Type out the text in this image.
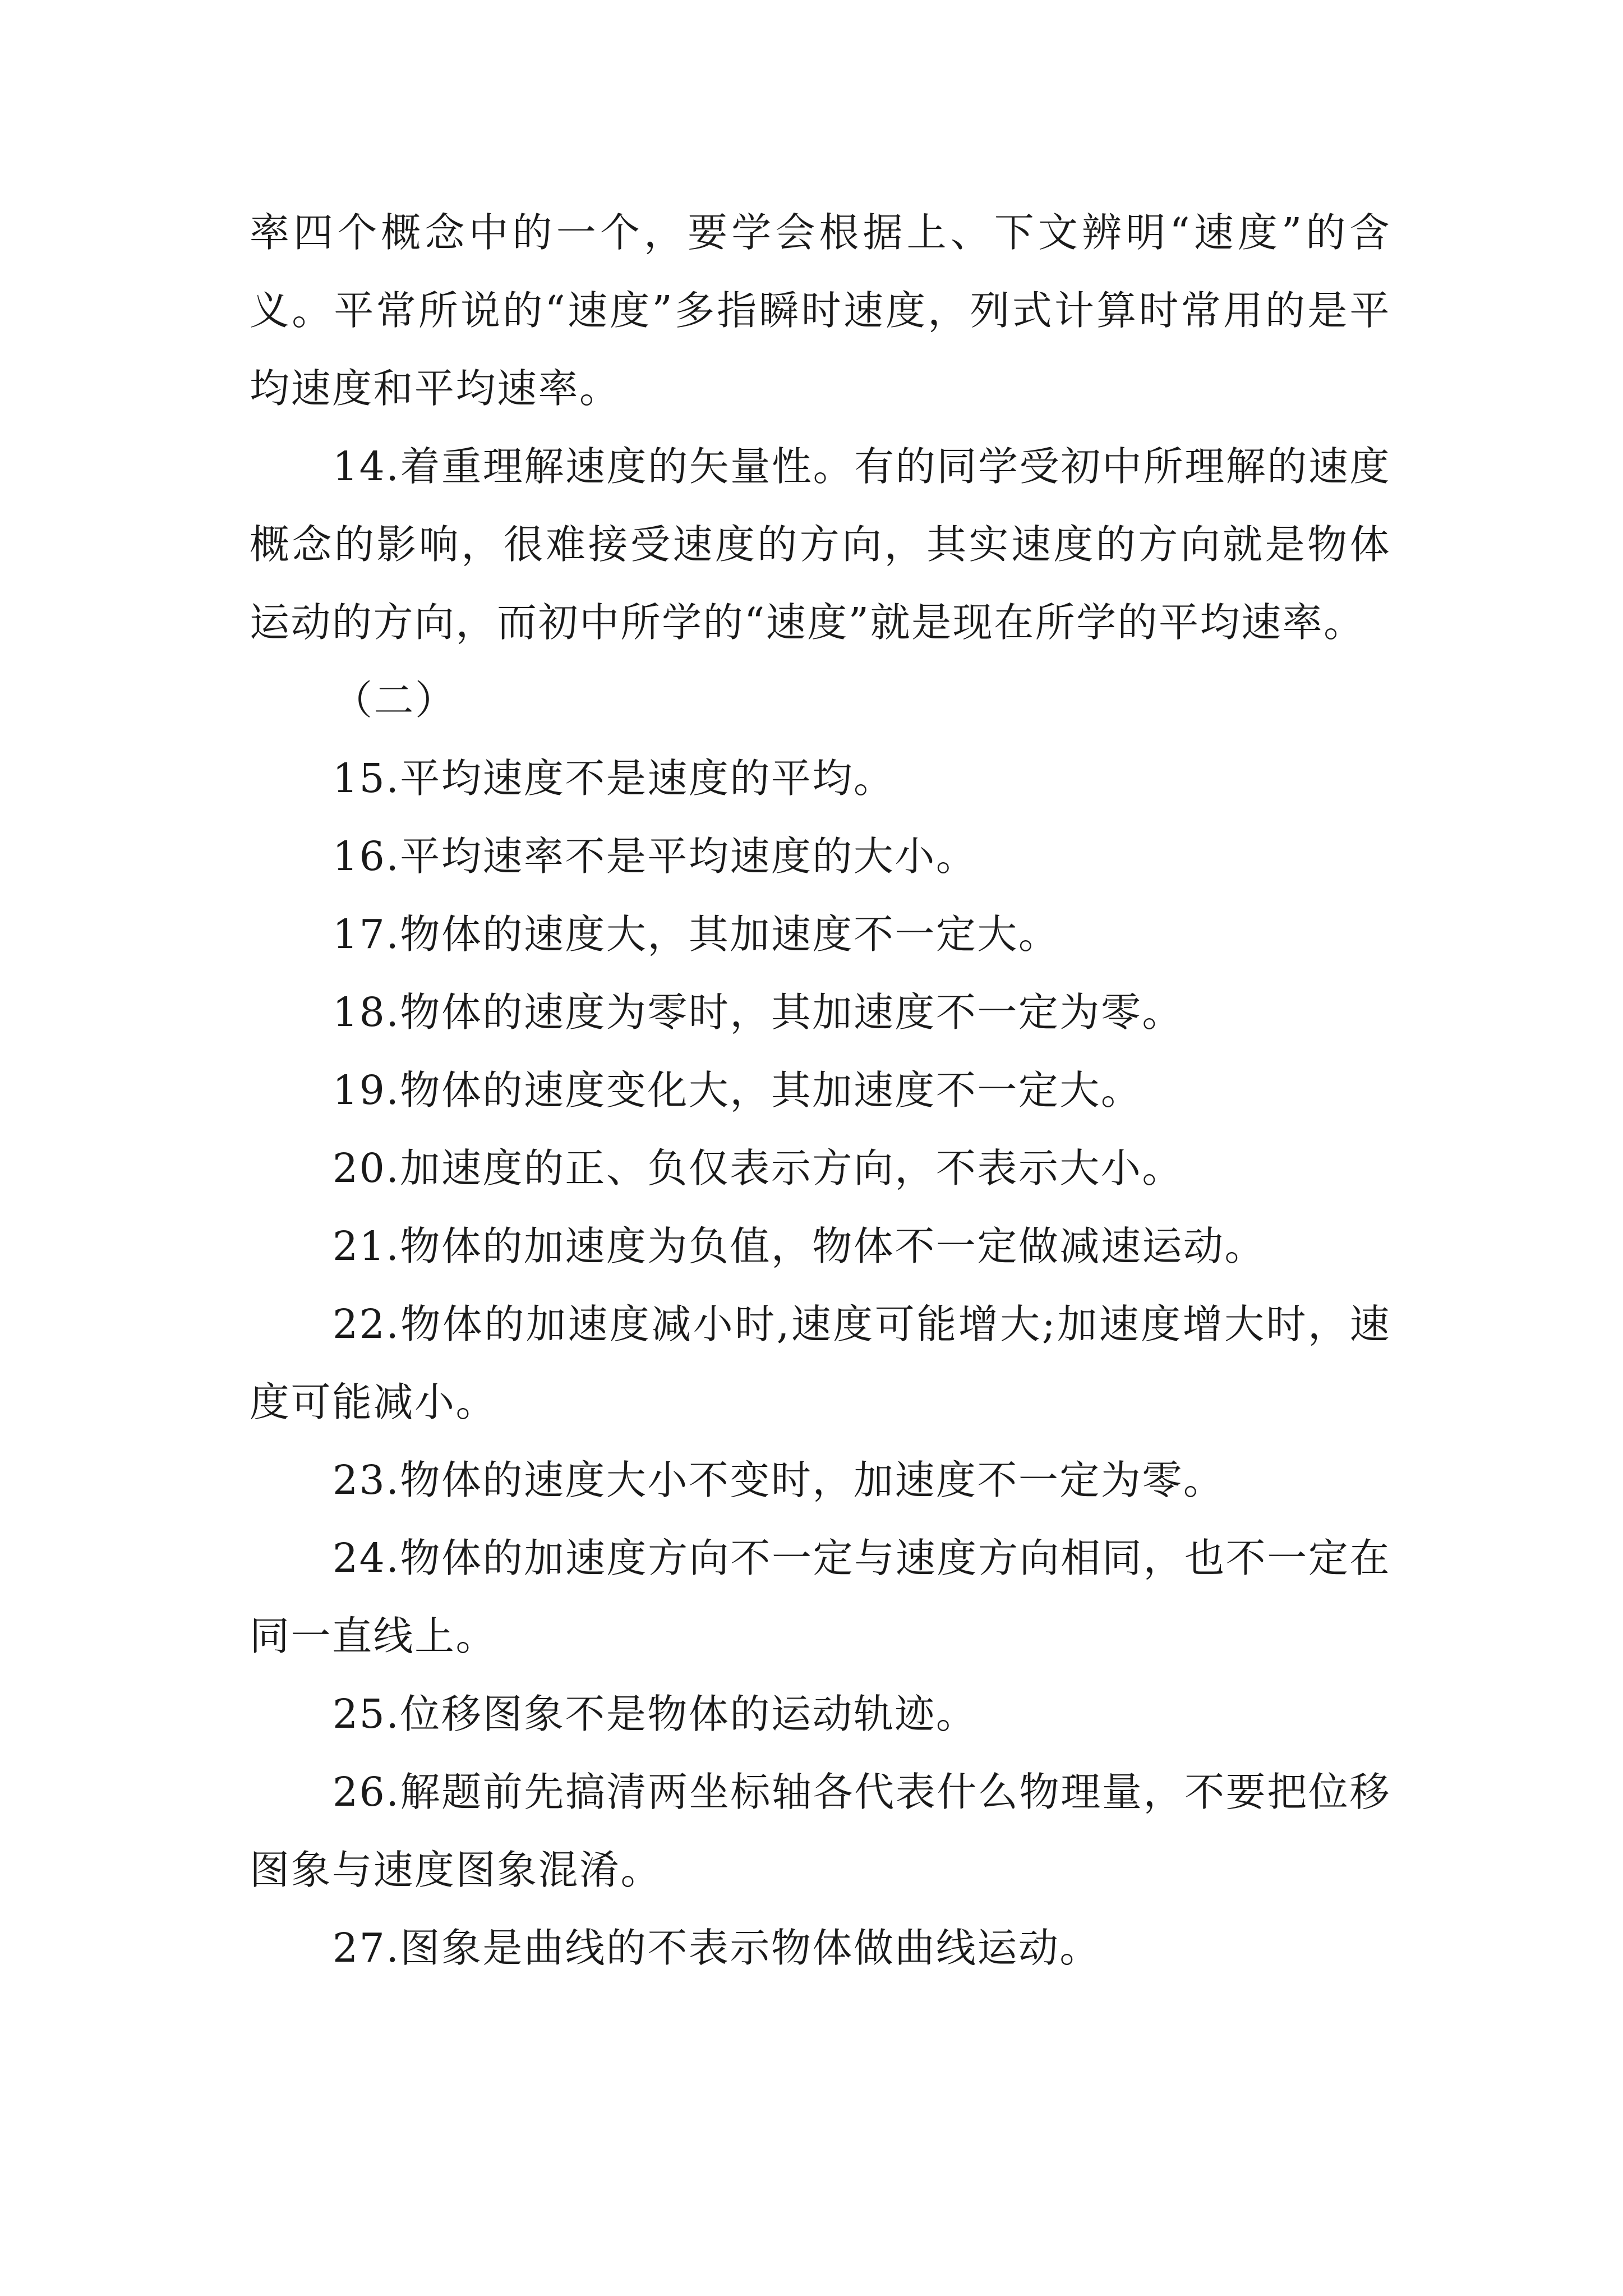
率四个概念中的一个，要学会根据上、下文辨明“速度”的含义。平常所说的“速度”多指瞬时速度，列式计算时常用的是平均速度和平均速率。

14.着重理解速度的矢量性。有的同学受初中所理解的速度概念的影响，很难接受速度的方向，其实速度的方向就是物体运动的方向，而初中所学的“速度”就是现在所学的平均速率。

（二）

15.平均速度不是速度的平均。

16.平均速率不是平均速度的大小。

17.物体的速度大，其加速度不一定大。

18.物体的速度为零时，其加速度不一定为零。

19.物体的速度变化大，其加速度不一定大。

20.加速度的正、负仅表示方向，不表示大小。

21.物体的加速度为负值，物体不一定做减速运动。

22.物体的加速度减小时,速度可能增大;加速度增大时，速度可能减小。

23.物体的速度大小不变时，加速度不一定为零。

24.物体的加速度方向不一定与速度方向相同，也不一定在同一直线上。

25.位移图象不是物体的运动轨迹。

26.解题前先搞清两坐标轴各代表什么物理量，不要把位移图象与速度图象混淆。

27.图象是曲线的不表示物体做曲线运动。
